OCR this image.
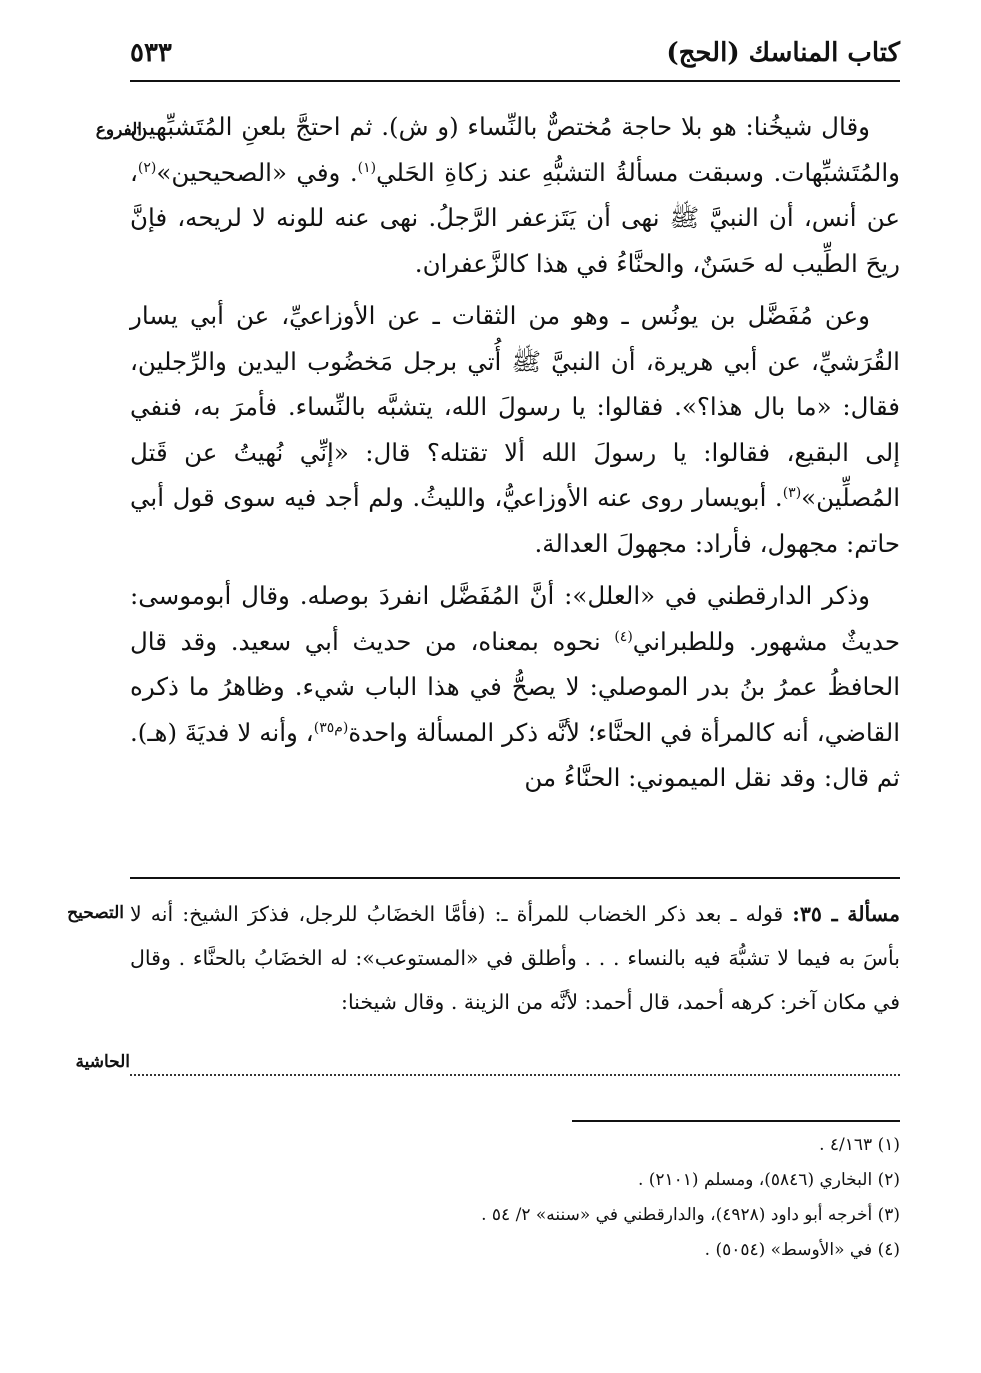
كتاب المناسك (الحج)
٥٣٣
الفروع
التصحيح
الحاشية

وقال شيخُنا: هو بلا حاجة مُختصٌّ بالنِّساء (و ش). ثم احتجَّ بلعنِ المُتَشبِّهين والمُتَشبِّهات. وسبقت مسألةُ التشبُّهِ عند زكاةِ الحَلي$^{(١)}$. وفي «الصحيحين»$^{(٢)}$، عن أنس، أن النبيَّ ﷺ نهى أن يَتَزعفر الرَّجلُ. نهى عنه للونه لا لريحه، فإنَّ ريحَ الطِّيب له حَسَنٌ، والحنَّاءُ في هذا كالزَّعفران.

وعن مُفَضَّل بن يونُس ـ وهو من الثقات ـ عن الأوزاعيِّ، عن أبي يسار القُرَشيِّ، عن أبي هريرة، أن النبيَّ ﷺ أُتي برجل مَخضُوب اليدين والرِّجلين، فقال: «ما بال هذا؟». فقالوا: يا رسولَ الله، يتشبَّه بالنِّساء. فأمرَ به، فنفي إلى البقيع، فقالوا: يا رسولَ الله ألا تقتله؟ قال: «إنِّي نُهيتُ عن قَتل المُصلِّين»$^{(٣)}$. أبويسار روى عنه الأوزاعيُّ، والليثُ. ولم أجد فيه سوى قول أبي حاتم: مجهول، فأراد: مجهولَ العدالة.

وذكر الدارقطني في «العلل»: أنَّ المُفَضَّل انفردَ بوصله. وقال أبوموسى: حديثٌ مشهور. وللطبراني$^{(٤)}$ نحوه بمعناه، من حديث أبي سعيد. وقد قال الحافظُ عمرُ بنُ بدر الموصلي: لا يصحُّ في هذا الباب شيء. وظاهرُ ما ذكره القاضي، أنه كالمرأة في الحنَّاء؛ لأنَّه ذكر المسألة واحدة$^{(م٣٥)}$، وأنه لا فديَةَ (هـ). ثم قال: وقد نقل الميموني: الحنَّاءُ من

مسألة ـ ٣٥: قوله ـ بعد ذكر الخضاب للمرأة ـ: (فأمَّا الخضَابُ للرجل، فذكرَ الشيخ: أنه لا بأسَ به فيما لا تشبُّهَ فيه بالنساء . . . وأطلق في «المستوعب»: له الخضَابُ بالحنَّاء . وقال في مكان آخر: كرهه أحمد، قال أحمد: لأنَّه من الزينة . وقال شيخنا:

(١) ٤/١٦٣ .
(٢) البخاري (٥٨٤٦)، ومسلم (٢١٠١) .
(٣) أخرجه أبو داود (٤٩٢٨)، والدارقطني في «سننه» ٢/ ٥٤ .
(٤) في «الأوسط» (٥٠٥٤) .
